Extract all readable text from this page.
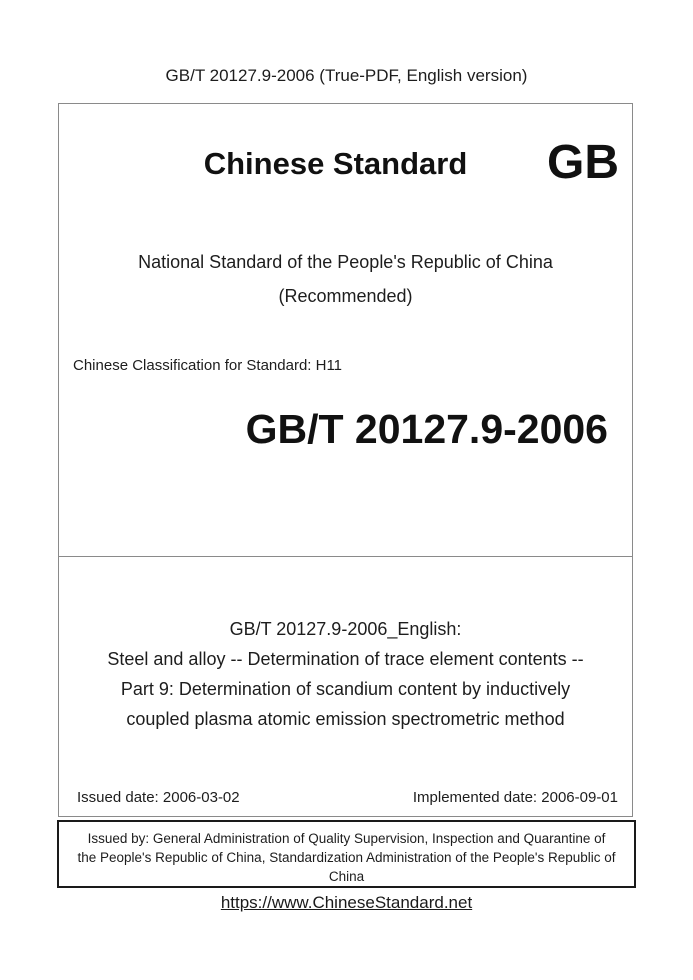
GB/T 20127.9-2006 (True-PDF, English version)
Chinese Standard	GB
National Standard of the People's Republic of China
(Recommended)
Chinese Classification for Standard: H11
GB/T 20127.9-2006
GB/T 20127.9-2006_English:
Steel and alloy -- Determination of trace element contents --
Part 9: Determination of scandium content by inductively
coupled plasma atomic emission spectrometric method
Issued date: 2006-03-02	Implemented date: 2006-09-01
Issued by: General Administration of Quality Supervision, Inspection and Quarantine of
the People's Republic of China, Standardization Administration of the People's Republic of
China
https://www.ChineseStandard.net
